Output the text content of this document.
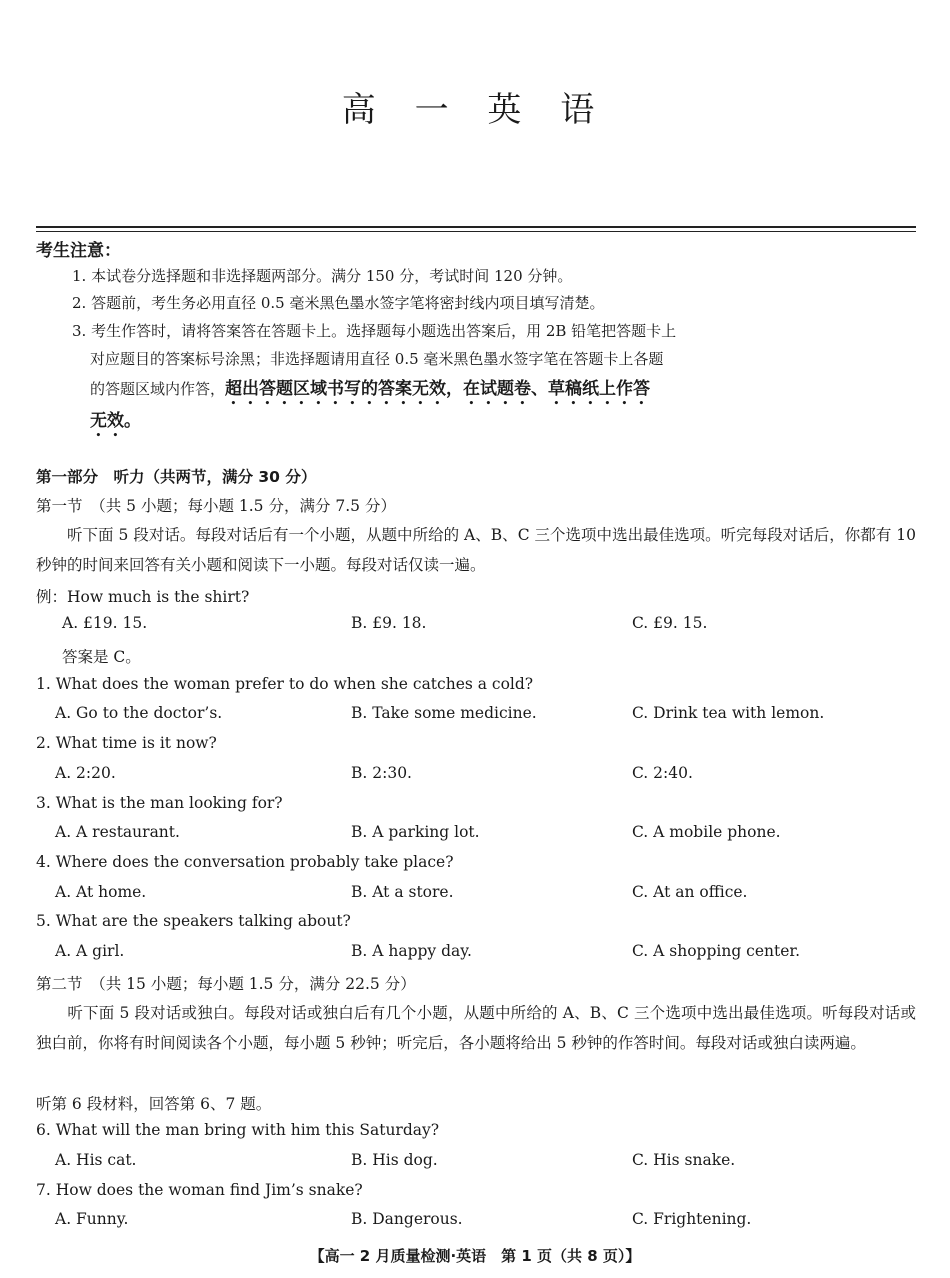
高 一 英 语
考生注意：
1. 本试卷分选择题和非选择题两部分。满分 150 分，考试时间 120 分钟。
2. 答题前，考生务必用直径 0.5 毫米黑色墨水签字笔将密封线内项目填写清楚。
3. 考生作答时，请将答案答在答题卡上。选择题每小题选出答案后，用 2B 铅笔把答题卡上
对应题目的答案标号涂黑；非选择题请用直径 0.5 毫米黑色墨水签字笔在答题卡上各题
的答题区域内作答，超出答题区域书写的答案无效，在试题卷、草稿纸上作答
无效。
第一部分　听力（共两节，满分 30 分）
第一节　（共 5 小题；每小题 1.5 分，满分 7.5 分）
　　听下面 5 段对话。每段对话后有一个小题，从题中所给的 A、B、C 三个选项中选出最佳选项。听完每段对话后，你都有 10 秒钟的时间来回答有关小题和阅读下一小题。每段对话仅读一遍。
例：How much is the shirt?
A. £19. 15.	B. £9. 18.	C. £9. 15.
答案是 C。
1. What does the woman prefer to do when she catches a cold?
A. Go to the doctor’s.	B. Take some medicine.	C. Drink tea with lemon.
2. What time is it now?
A. 2:20.	B. 2:30.	C. 2:40.
3. What is the man looking for?
A. A restaurant.	B. A parking lot.	C. A mobile phone.
4. Where does the conversation probably take place?
A. At home.	B. At a store.	C. At an office.
5. What are the speakers talking about?
A. A girl.	B. A happy day.	C. A shopping center.
第二节　（共 15 小题；每小题 1.5 分，满分 22.5 分）
　　听下面 5 段对话或独白。每段对话或独白后有几个小题，从题中所给的 A、B、C 三个选项中选出最佳选项。听每段对话或独白前，你将有时间阅读各个小题，每小题 5 秒钟；听完后，各小题将给出 5 秒钟的作答时间。每段对话或独白读两遍。
听第 6 段材料，回答第 6、7 题。
6. What will the man bring with him this Saturday?
A. His cat.	B. His dog.	C. His snake.
7. How does the woman find Jim’s snake?
A. Funny.	B. Dangerous.	C. Frightening.
【高一 2 月质量检测·英语　第 1 页（共 8 页）】
